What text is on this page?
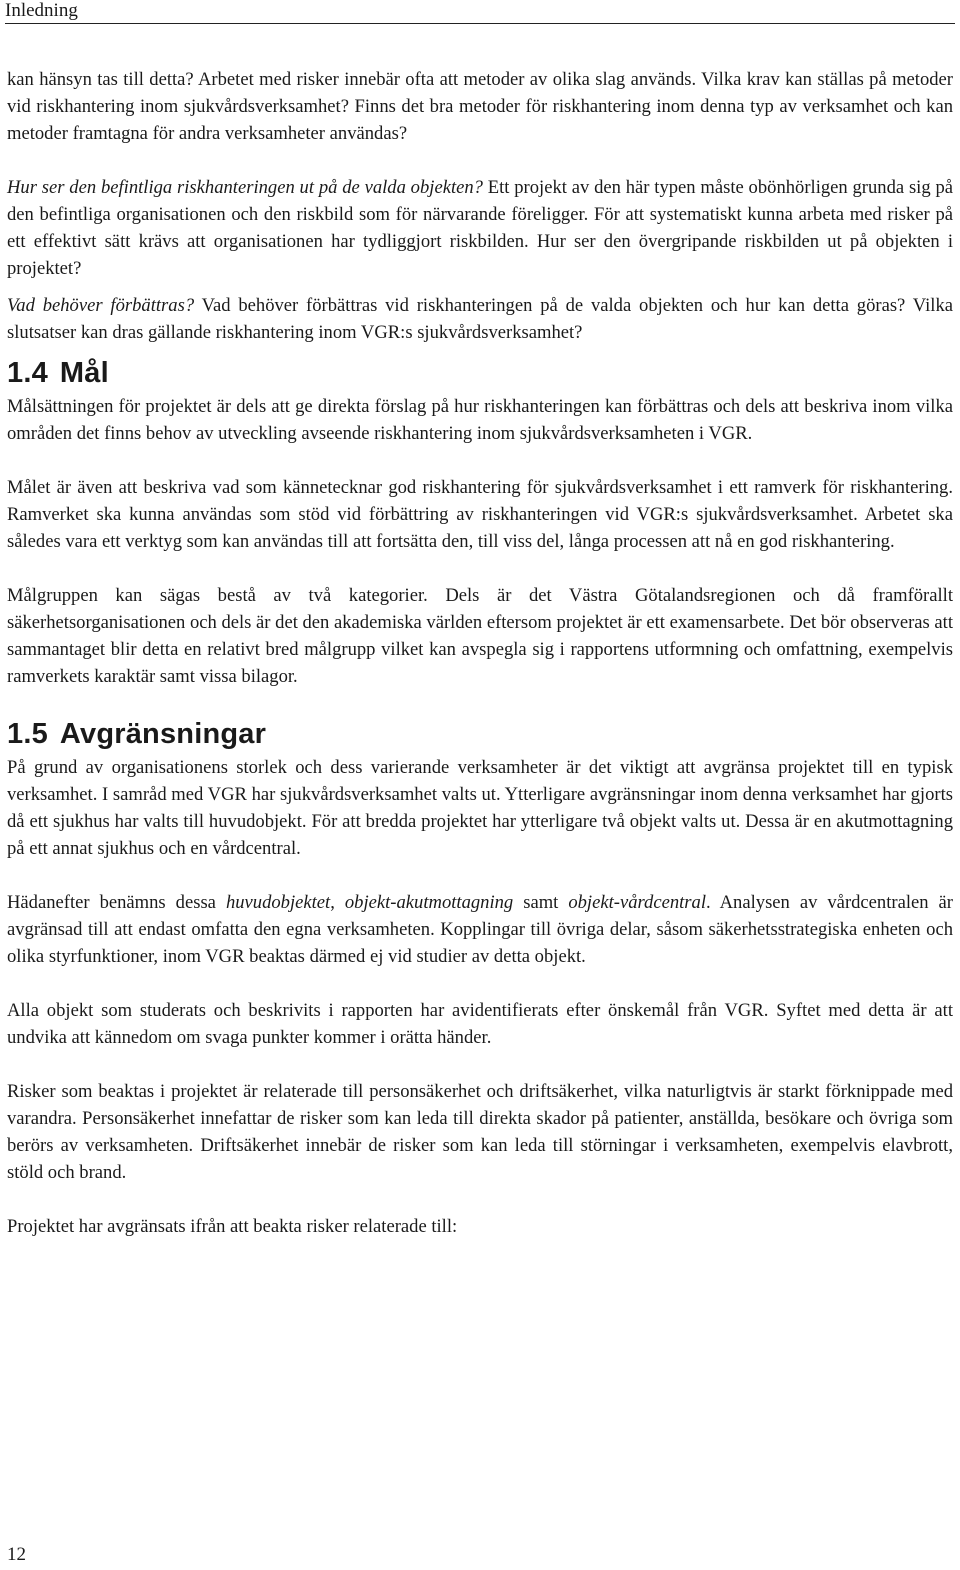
Inledning

kan hänsyn tas till detta? Arbetet med risker innebär ofta att metoder av olika slag används. Vilka krav kan ställas på metoder vid riskhantering inom sjukvårdsverksamhet? Finns det bra metoder för riskhantering inom denna typ av verksamhet och kan metoder framtagna för andra verksamheter användas?

Hur ser den befintliga riskhanteringen ut på de valda objekten? Ett projekt av den här typen måste obönhörligen grunda sig på den befintliga organisationen och den riskbild som för närvarande föreligger. För att systematiskt kunna arbeta med risker på ett effektivt sätt krävs att organisationen har tydliggjort riskbilden. Hur ser den övergripande riskbilden ut på objekten i projektet?

Vad behöver förbättras? Vad behöver förbättras vid riskhanteringen på de valda objekten och hur kan detta göras? Vilka slutsatser kan dras gällande riskhantering inom VGR:s sjukvårdsverksamhet?

1.4 Mål

Målsättningen för projektet är dels att ge direkta förslag på hur riskhanteringen kan förbättras och dels att beskriva inom vilka områden det finns behov av utveckling avseende riskhantering inom sjukvårdsverksamheten i VGR.

Målet är även att beskriva vad som kännetecknar god riskhantering för sjukvårdsverksamhet i ett ramverk för riskhantering. Ramverket ska kunna användas som stöd vid förbättring av riskhanteringen vid VGR:s sjukvårdsverksamhet. Arbetet ska således vara ett verktyg som kan användas till att fortsätta den, till viss del, långa processen att nå en god riskhantering.

Målgruppen kan sägas bestå av två kategorier. Dels är det Västra Götalandsregionen och då framförallt säkerhetsorganisationen och dels är det den akademiska världen eftersom projektet är ett examensarbete. Det bör observeras att sammantaget blir detta en relativt bred målgrupp vilket kan avspegla sig i rapportens utformning och omfattning, exempelvis ramverkets karaktär samt vissa bilagor.

1.5 Avgränsningar

På grund av organisationens storlek och dess varierande verksamheter är det viktigt att avgränsa projektet till en typisk verksamhet. I samråd med VGR har sjukvårdsverksamhet valts ut. Ytterligare avgränsningar inom denna verksamhet har gjorts då ett sjukhus har valts till huvudobjekt. För att bredda projektet har ytterligare två objekt valts ut. Dessa är en akutmottagning på ett annat sjukhus och en vårdcentral.

Hädanefter benämns dessa huvudobjektet, objekt-akutmottagning samt objekt-vårdcentral. Analysen av vårdcentralen är avgränsad till att endast omfatta den egna verksamheten. Kopplingar till övriga delar, såsom säkerhetsstrategiska enheten och olika styrfunktioner, inom VGR beaktas därmed ej vid studier av detta objekt.

Alla objekt som studerats och beskrivits i rapporten har avidentifierats efter önskemål från VGR. Syftet med detta är att undvika att kännedom om svaga punkter kommer i orätta händer.

Risker som beaktas i projektet är relaterade till personsäkerhet och driftsäkerhet, vilka naturligtvis är starkt förknippade med varandra. Personsäkerhet innefattar de risker som kan leda till direkta skador på patienter, anställda, besökare och övriga som berörs av verksamheten. Driftsäkerhet innebär de risker som kan leda till störningar i verksamheten, exempelvis elavbrott, stöld och brand.

Projektet har avgränsats ifrån att beakta risker relaterade till:

12
